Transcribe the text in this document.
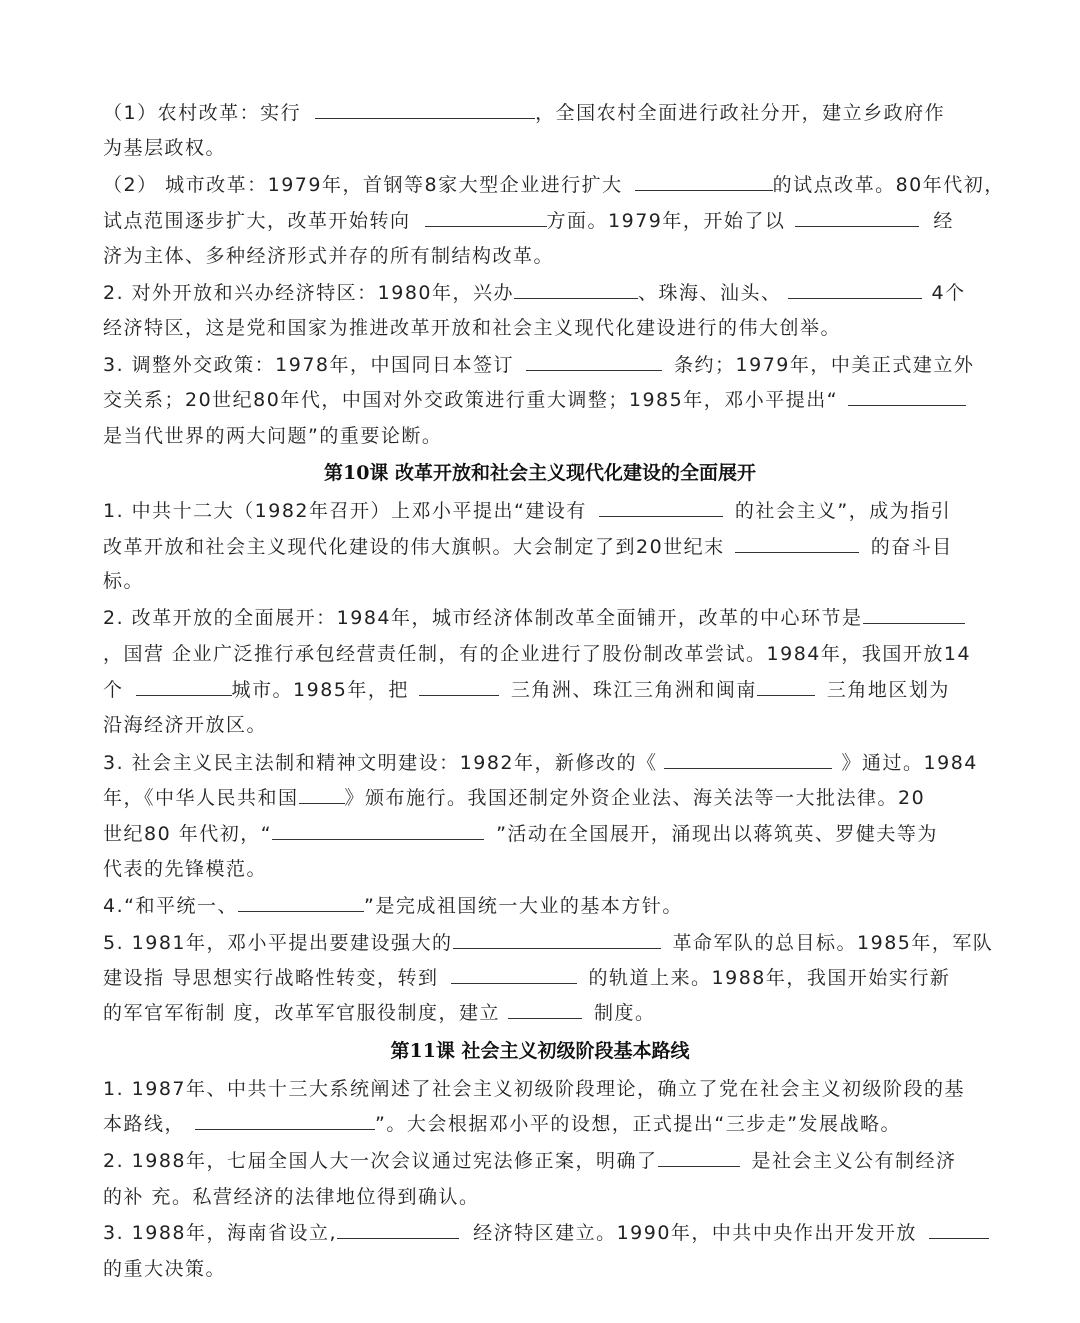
（1）农村改革：实行	，全国农村全面进行政社分开，建立乡政府作
为基层政权。
（2） 城市改革：1979年，首钢等8家大型企业进行扩大	的试点改革。80年代初，
试点范围逐步扩大，改革开始转向	方面。1979年，开始了以	经
济为主体、多种经济形式并存的所有制结构改革。
2. 对外开放和兴办经济特区：1980年，兴办	、珠海、汕头、	4个
经济特区，这是党和国家为推进改革开放和社会主义现代化建设进行的伟大创举。
3. 调整外交政策：1978年，中国同日本签订	条约；1979年，中美正式建立外
交关系；20世纪80年代，中国对外交政策进行重大调整；1985年，邓小平提出“
是当代世界的两大问题”的重要论断。
第10课 改革开放和社会主义现代化建设的全面展开
1. 中共十二大（1982年召开）上邓小平提出“建设有	的社会主义”，成为指引
改革开放和社会主义现代化建设的伟大旗帜。大会制定了到20世纪末	的奋斗目
标。
2. 改革开放的全面展开：1984年，城市经济体制改革全面铺开，改革的中心环节是
，国营 企业广泛推行承包经营责任制，有的企业进行了股份制改革尝试。1984年，我国开放14
个	城市。1985年，把	三角洲、珠江三角洲和闽南	三角地区划为
沿海经济开放区。
3. 社会主义民主法制和精神文明建设：1982年，新修改的《	》通过。1984
年，《中华人民共和国 》颁布施行。我国还制定外资企业法、海关法等一大批法律。20
世纪80 年代初，“	”活动在全国展开，涌现出以蒋筑英、罗健夫等为
代表的先锋模范。
4.“和平统一、	”是完成祖国统一大业的基本方针。
5. 1981年，邓小平提出要建设强大的	革命军队的总目标。1985年，军队
建设指 导思想实行战略性转变，转到	的轨道上来。1988年，我国开始实行新
的军官军衔制 度，改革军官服役制度，建立	制度。
第11课 社会主义初级阶段基本路线
1. 1987年、中共十三大系统阐述了社会主义初级阶段理论，确立了党在社会主义初级阶段的基
本路线，	”。大会根据邓小平的设想，正式提出“三步走”发展战略。
2. 1988年，七届全国人大一次会议通过宪法修正案，明确了	是社会主义公有制经济
的补 充。私营经济的法律地位得到确认。
3. 1988年，海南省设立,	经济特区建立。1990年，中共中央作出开发开放
的重大决策。
